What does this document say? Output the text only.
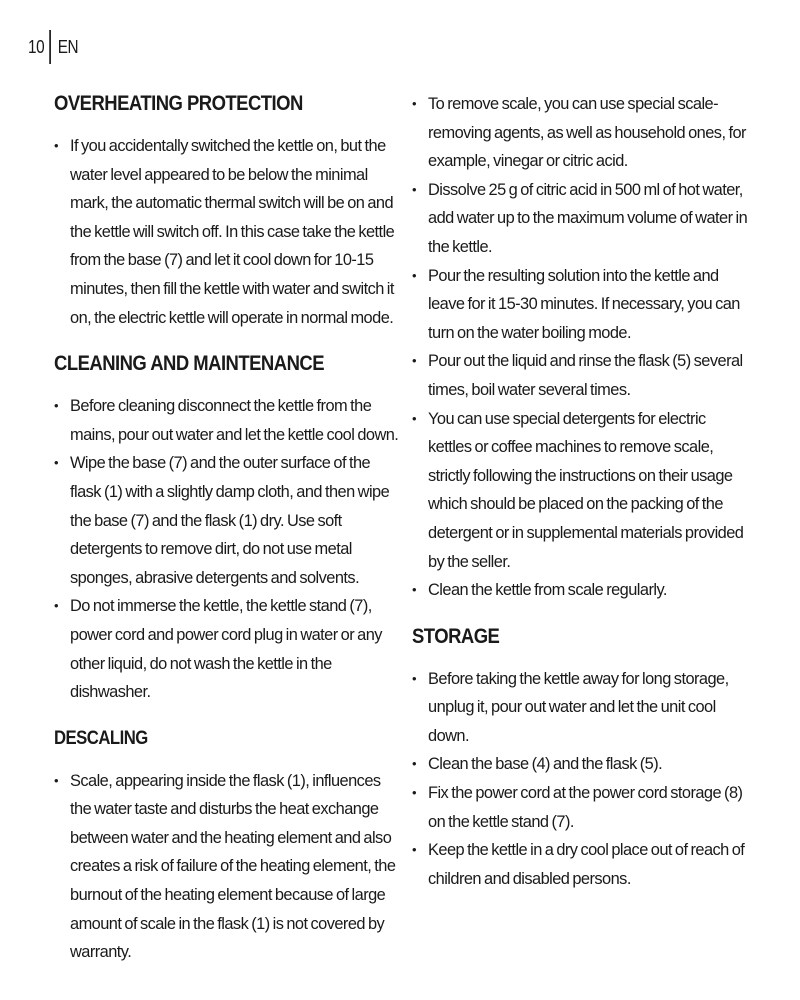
10 EN
OVERHEATING PROTECTION
• If you accidentally switched the kettle on, but the water level appeared to be below the minimal mark, the automatic thermal switch will be on and the kettle will switch off. In this case take the kettle from the base (7) and let it cool down for 10-15 minutes, then fill the kettle with water and switch it on, the electric kettle will operate in normal mode.
CLEANING AND MAINTENANCE
• Before cleaning disconnect the kettle from the mains, pour out water and let the kettle cool down.
• Wipe the base (7) and the outer surface of the flask (1) with a slightly damp cloth, and then wipe the base (7) and the flask (1) dry. Use soft detergents to remove dirt, do not use metal sponges, abrasive detergents and solvents.
• Do not immerse the kettle, the kettle stand (7), power cord and power cord plug in water or any other liquid, do not wash the kettle in the dishwasher.
DESCALING
• Scale, appearing inside the flask (1), influences the water taste and disturbs the heat exchange between water and the heating element and also creates a risk of failure of the heating element, the burnout of the heating element because of large amount of scale in the flask (1) is not covered by warranty.
• To remove scale, you can use special scale-removing agents, as well as household ones, for example, vinegar or citric acid.
• Dissolve 25 g of citric acid in 500 ml of hot water, add water up to the maximum volume of water in the kettle.
• Pour the resulting solution into the kettle and leave for it 15-30 minutes. If necessary, you can turn on the water boiling mode.
• Pour out the liquid and rinse the flask (5) several times, boil water several times.
• You can use special detergents for electric kettles or coffee machines to remove scale, strictly following the instructions on their usage which should be placed on the packing of the detergent or in supplemental materials provided by the seller.
• Clean the kettle from scale regularly.
STORAGE
• Before taking the kettle away for long storage, unplug it, pour out water and let the unit cool down.
• Clean the base (4) and the flask (5).
• Fix the power cord at the power cord storage (8) on the kettle stand (7).
• Keep the kettle in a dry cool place out of reach of children and disabled persons.
